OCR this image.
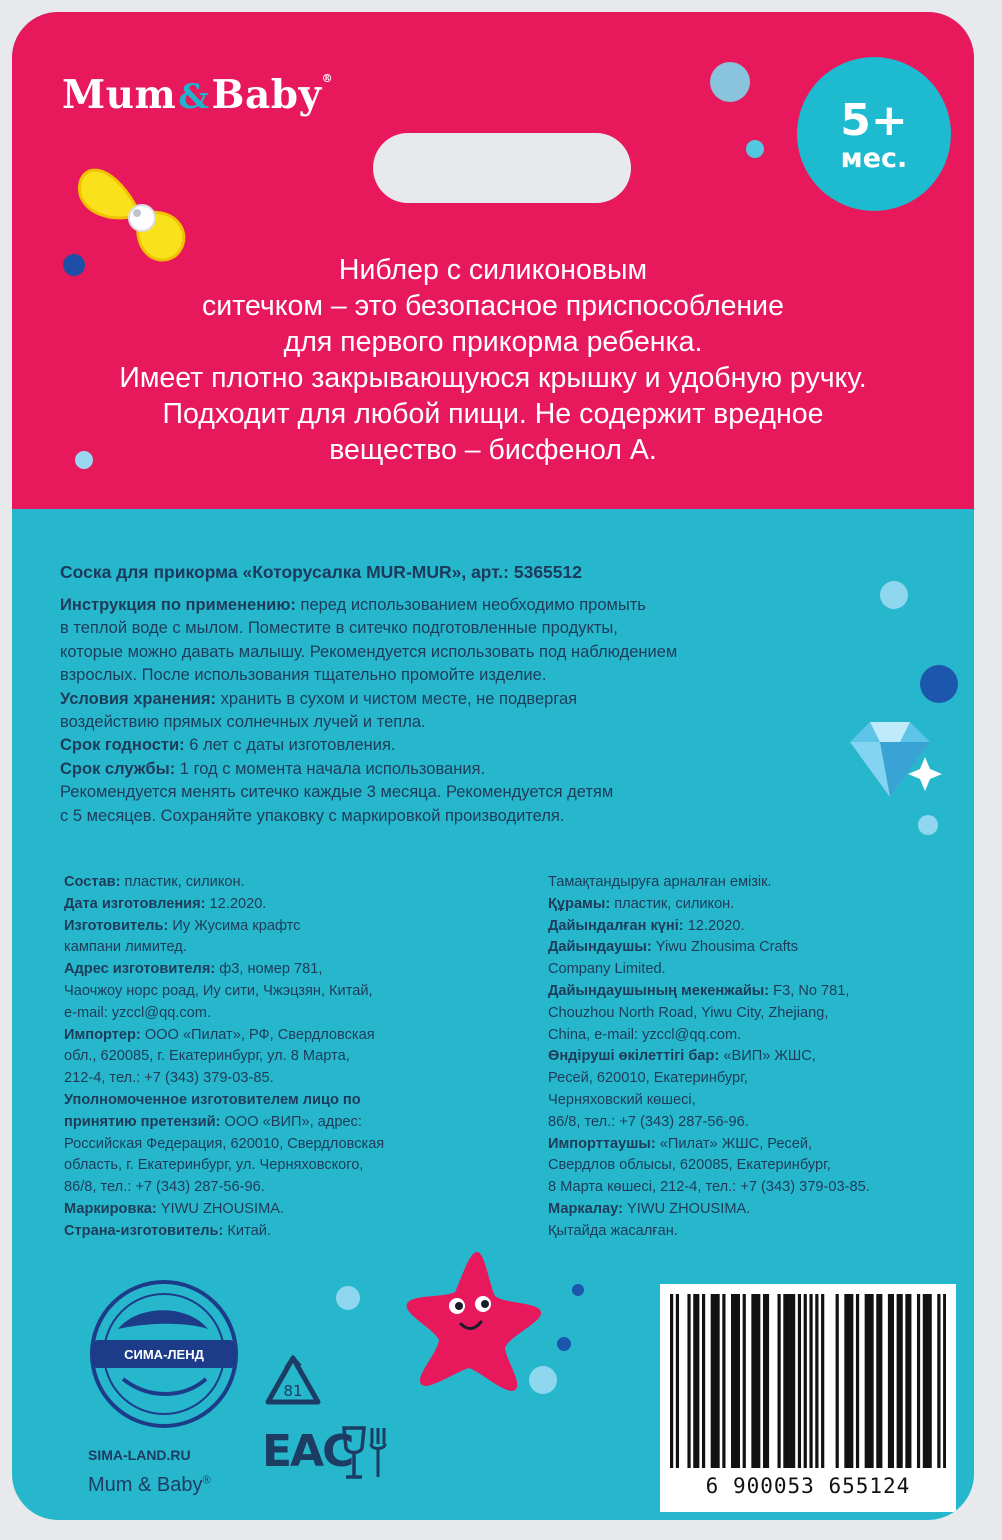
Mum&Baby®
5+
мес.
Ниблер с силиконовым
ситечком – это безопасное приспособление
для первого прикорма ребенка.
Имеет плотно закрывающуюся крышку и удобную ручку.
Подходит для любой пищи. Не содержит вредное
вещество – бисфенол А.
Соска для прикорма «Которусалка MUR-MUR», арт.: 5365512
Инструкция по применению: перед использованием необходимо промыть
в теплой воде с мылом. Поместите в ситечко подготовленные продукты,
которые можно давать малышу. Рекомендуется использовать под наблюдением
взрослых. После использования тщательно промойте изделие.
Условия хранения: хранить в сухом и чистом месте, не подвергая
воздействию прямых солнечных лучей и тепла.
Срок годности: 6 лет с даты изготовления.
Срок службы: 1 год с момента начала использования.
Рекомендуется менять ситечко каждые 3 месяца. Рекомендуется детям
с 5 месяцев. Сохраняйте упаковку с маркировкой производителя.
Состав: пластик, силикон.
Дата изготовления: 12.2020.
Изготовитель: Иу Жусима крафтс
кампани лимитед.
Адрес изготовителя: ф3, номер 781,
Чаочжоу норс роад, Иу сити, Чжэцзян, Китай,
e-mail: yzccl@qq.com.
Импортер: ООО «Пилат», РФ, Свердловская
обл., 620085, г. Екатеринбург, ул. 8 Марта,
212-4, тел.: +7 (343) 379-03-85.
Уполномоченное изготовителем лицо по
принятию претензий: ООО «ВИП», адрес:
Российская Федерация, 620010, Свердловская
область, г. Екатеринбург, ул. Черняховского,
86/8, тел.: +7 (343) 287-56-96.
Маркировка: YIWU ZHOUSIMA.
Страна-изготовитель: Китай.
Тамақтандыруға арналған емізік.
Құрамы: пластик, силикон.
Дайындалған күні: 12.2020.
Дайындаушы: Yiwu Zhousima Crafts
Company Limited.
Дайындаушының мекенжайы: F3, No 781,
Chouzhou North Road, Yiwu City, Zhejiang,
China, e-mail: yzccl@qq.com.
Өндіруші өкілеттігі бар: «ВИП» ЖШС,
Ресей, 620010, Екатеринбург,
Черняховский көшесі,
86/8, тел.: +7 (343) 287-56-96.
Импорттаушы: «Пилат» ЖШС, Ресей,
Свердлов облысы, 620085, Екатеринбург,
8 Марта көшесі, 212-4, тел.: +7 (343) 379-03-85.
Маркалау: YIWU ZHOUSIMA.
Қытайда жасалған.
СИМА-ЛЕНД
81
EAC
SIMA-LAND.RU
Mum & Baby®	6 900053 655124
